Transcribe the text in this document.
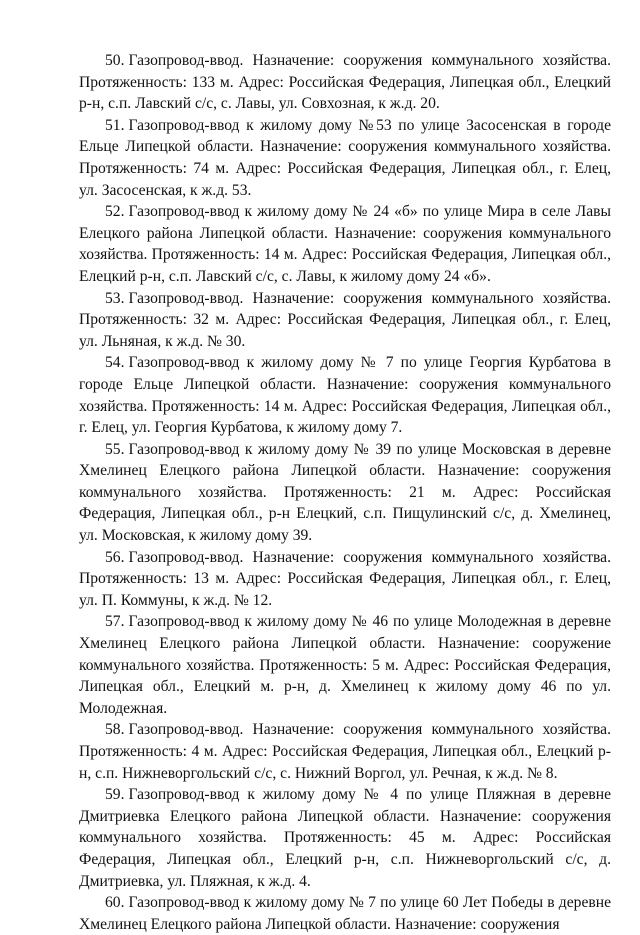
50. Газопровод-ввод. Назначение: сооружения коммунального хозяйства. Протяженность: 133 м. Адрес: Российская Федерация, Липецкая обл., Елецкий р-н, с.п. Лавский с/с, с. Лавы, ул. Совхозная, к ж.д. 20.

51. Газопровод-ввод к жилому дому №53 по улице Засосенская в городе Ельце Липецкой области. Назначение: сооружения коммунального хозяйства. Протяженность: 74 м. Адрес: Российская Федерация, Липецкая обл., г. Елец, ул. Засосенская, к ж.д. 53.

52. Газопровод-ввод к жилому дому № 24 «б» по улице Мира в селе Лавы Елецкого района Липецкой области. Назначение: сооружения коммунального хозяйства. Протяженность: 14 м. Адрес: Российская Федерация, Липецкая обл., Елецкий р-н, с.п. Лавский с/с, с. Лавы, к жилому дому 24 «б».

53. Газопровод-ввод. Назначение: сооружения коммунального хозяйства. Протяженность: 32 м. Адрес: Российская Федерация, Липецкая обл., г. Елец, ул. Льняная, к ж.д. № 30.

54. Газопровод-ввод к жилому дому № 7 по улице Георгия Курбатова в городе Ельце Липецкой области. Назначение: сооружения коммунального хозяйства. Протяженность: 14 м. Адрес: Российская Федерация, Липецкая обл., г. Елец, ул. Георгия Курбатова, к жилому дому 7.

55. Газопровод-ввод к жилому дому № 39 по улице Московская в деревне Хмелинец Елецкого района Липецкой области. Назначение: сооружения коммунального хозяйства. Протяженность: 21 м. Адрес: Российская Федерация, Липецкая обл., р-н Елецкий, с.п. Пищулинский с/с, д. Хмелинец, ул. Московская, к жилому дому 39.

56. Газопровод-ввод. Назначение: сооружения коммунального хозяйства. Протяженность: 13 м. Адрес: Российская Федерация, Липецкая обл., г. Елец, ул. П. Коммуны, к ж.д. № 12.

57. Газопровод-ввод к жилому дому № 46 по улице Молодежная в деревне Хмелинец Елецкого района Липецкой области. Назначение: сооружение коммунального хозяйства. Протяженность: 5 м. Адрес: Российская Федерация, Липецкая обл., Елецкий м. р-н, д. Хмелинец к жилому дому 46 по ул. Молодежная.

58. Газопровод-ввод. Назначение: сооружения коммунального хозяйства. Протяженность: 4 м. Адрес: Российская Федерация, Липецкая обл., Елецкий р-н, с.п. Нижневоргольский с/с, с. Нижний Воргол, ул. Речная, к ж.д. № 8.

59. Газопровод-ввод к жилому дому № 4 по улице Пляжная в деревне Дмитриевка Елецкого района Липецкой области. Назначение: сооружения коммунального хозяйства. Протяженность: 45 м. Адрес: Российская Федерация, Липецкая обл., Елецкий р-н, с.п. Нижневоргольский с/с, д. Дмитриевка, ул. Пляжная, к ж.д. 4.

60. Газопровод-ввод к жилому дому № 7 по улице 60 Лет Победы в деревне Хмелинец Елецкого района Липецкой области. Назначение: сооружения
